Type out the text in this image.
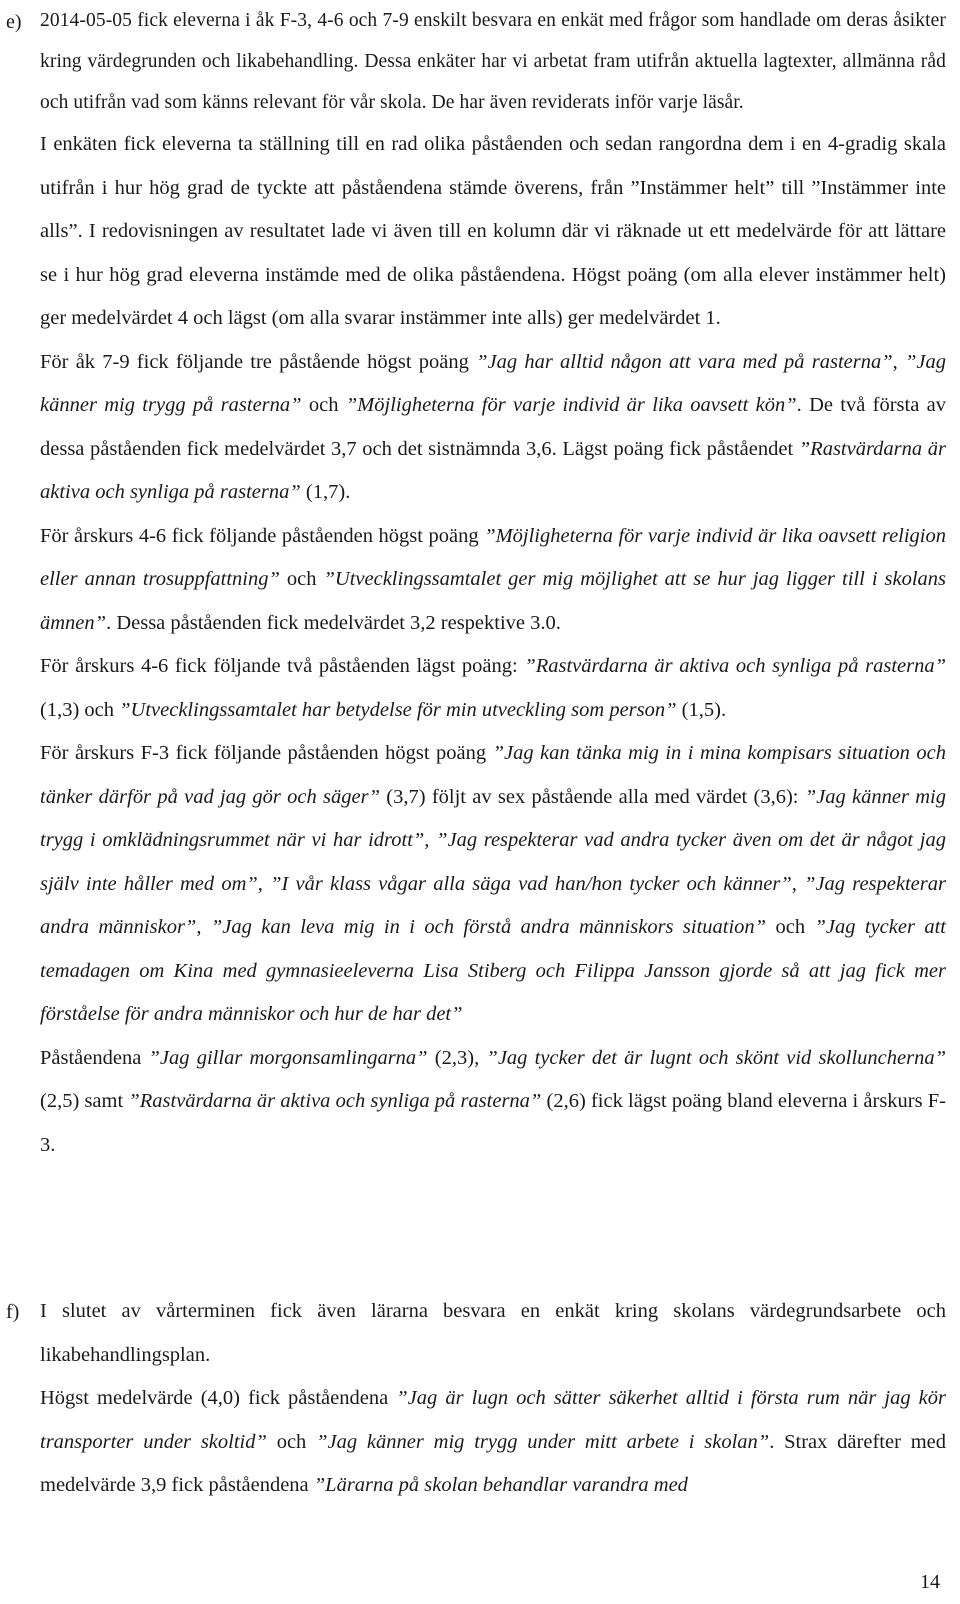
e) 2014-05-05 fick eleverna i åk F-3, 4-6 och 7-9 enskilt besvara en enkät med frågor som handlade om deras åsikter kring värdegrunden och likabehandling. Dessa enkäter har vi arbetat fram utifrån aktuella lagtexter, allmänna råd och utifrån vad som känns relevant för vår skola. De har även reviderats inför varje läsår.

I enkäten fick eleverna ta ställning till en rad olika påståenden och sedan rangordna dem i en 4-gradig skala utifrån i hur hög grad de tyckte att påståendena stämde överens, från ”Instämmer helt” till ”Instämmer inte alls”. I redovisningen av resultatet lade vi även till en kolumn där vi räknade ut ett medelvärde för att lättare se i hur hög grad eleverna instämde med de olika påståendena. Högst poäng (om alla elever instämmer helt) ger medelvärdet 4 och lägst (om alla svarar instämmer inte alls) ger medelvärdet 1.

För åk 7-9 fick följande tre påstående högst poäng ”Jag har alltid någon att vara med på rasterna”, ”Jag känner mig trygg på rasterna” och ”Möjligheterna för varje individ är lika oavsett kön”. De två första av dessa påståenden fick medelvärdet 3,7 och det sistnämnda 3,6. Lägst poäng fick påståendet ”Rastvärdarna är aktiva och synliga på rasterna” (1,7).

För årskurs 4-6 fick följande påståenden högst poäng ”Möjligheterna för varje individ är lika oavsett religion eller annan trosuppfattning” och ”Utvecklingssamtalet ger mig möjlighet att se hur jag ligger till i skolans ämnen”. Dessa påståenden fick medelvärdet 3,2 respektive 3.0.

För årskurs 4-6 fick följande två påståenden lägst poäng: ”Rastvärdarna är aktiva och synliga på rasterna” (1,3) och ”Utvecklingssamtalet har betydelse för min utveckling som person” (1,5).

För årskurs F-3 fick följande påståenden högst poäng ”Jag kan tänka mig in i mina kompisars situation och tänker därför på vad jag gör och säger” (3,7) följt av sex påstående alla med värdet (3,6): ”Jag känner mig trygg i omklädningsrummet när vi har idrott”, ”Jag respekterar vad andra tycker även om det är något jag själv inte håller med om”, ”I vår klass vågar alla säga vad han/hon tycker och känner”, ”Jag respekterar andra människor”, ”Jag kan leva mig in i och förstå andra människors situation” och ”Jag tycker att temadagen om Kina med gymnasieeleverna Lisa Stiberg och Filippa Jansson gjorde så att jag fick mer förståelse för andra människor och hur de har det”

Påståendena ”Jag gillar morgonsamlingarna” (2,3), ”Jag tycker det är lugnt och skönt vid skolluncherna” (2,5) samt ”Rastvärdarna är aktiva och synliga på rasterna” (2,6) fick lägst poäng bland eleverna i årskurs F-3.

f) I slutet av vårterminen fick även lärarna besvara en enkät kring skolans värdegrundsarbete och likabehandlingsplan.

Högst medelvärde (4,0) fick påståendena ”Jag är lugn och sätter säkerhet alltid i första rum när jag kör transporter under skoltid” och ”Jag känner mig trygg under mitt arbete i skolan”. Strax därefter med medelvärde 3,9 fick påståendena ”Lärarna på skolan behandlar varandra med

14
